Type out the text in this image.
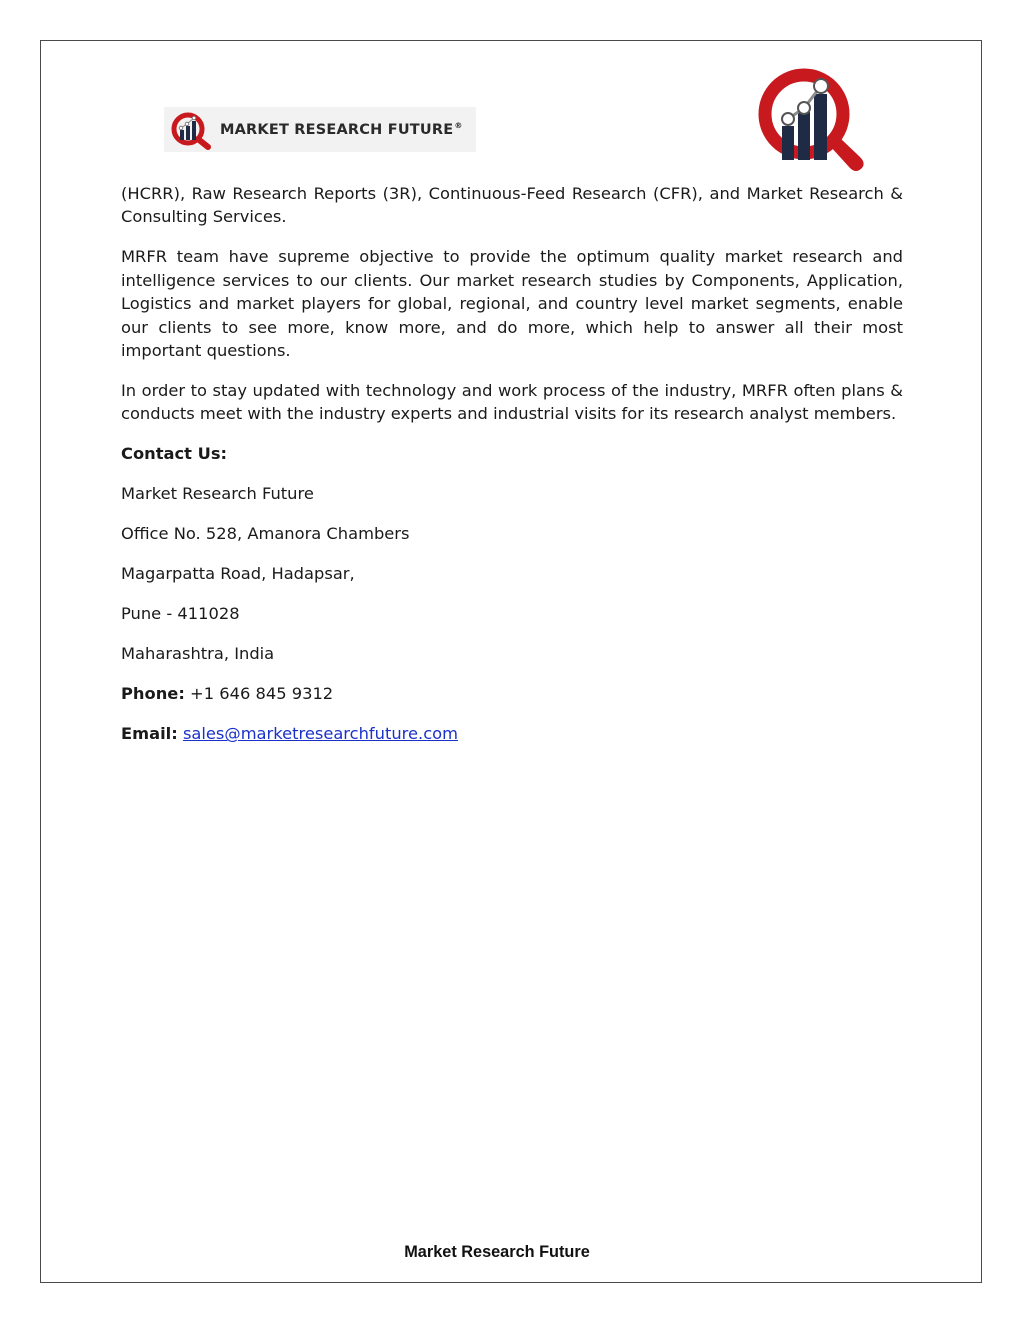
MARKET RESEARCH FUTURE®

(HCRR), Raw Research Reports (3R), Continuous-Feed Research (CFR), and Market Research & Consulting Services.

MRFR team have supreme objective to provide the optimum quality market research and intelligence services to our clients. Our market research studies by Components, Application, Logistics and market players for global, regional, and country level market segments, enable our clients to see more, know more, and do more, which help to answer all their most important questions.

In order to stay updated with technology and work process of the industry, MRFR often plans & conducts meet with the industry experts and industrial visits for its research analyst members.

Contact Us:
Market Research Future
Office No. 528, Amanora Chambers
Magarpatta Road, Hadapsar,
Pune - 411028
Maharashtra, India
Phone: +1 646 845 9312
Email: sales@marketresearchfuture.com
Market Research Future
